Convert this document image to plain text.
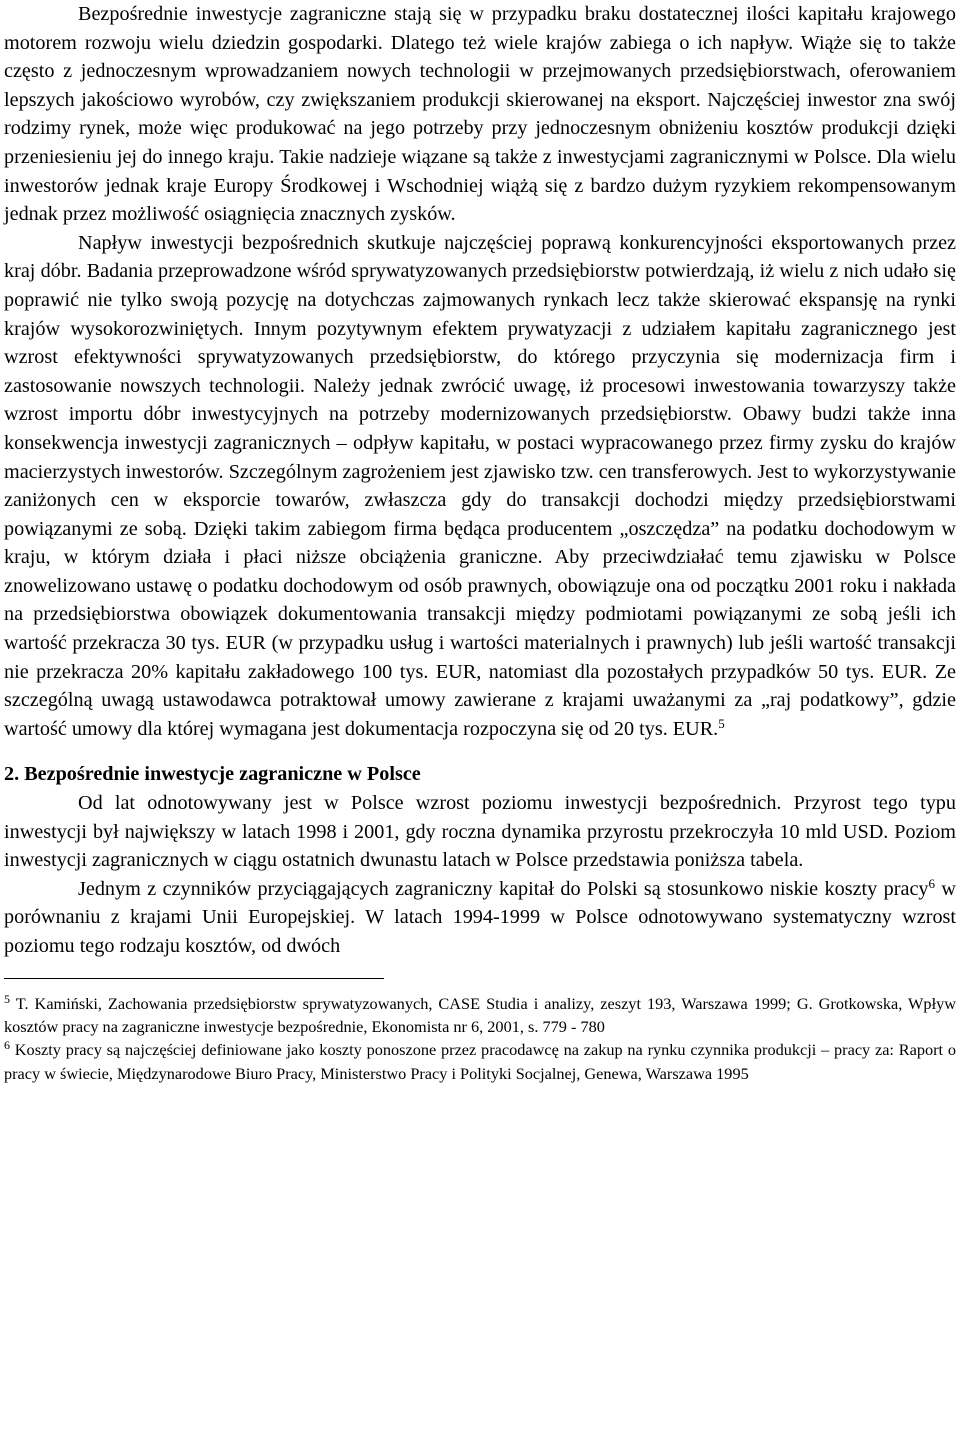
Bezpośrednie inwestycje zagraniczne stają się w przypadku braku dostatecznej ilości kapitału krajowego motorem rozwoju wielu dziedzin gospodarki. Dlatego też wiele krajów zabiega o ich napływ. Wiąże się to także często z jednoczesnym wprowadzaniem nowych technologii w przejmowanych przedsiębiorstwach, oferowaniem lepszych jakościowo wyrobów, czy zwiększaniem produkcji skierowanej na eksport. Najczęściej inwestor zna swój rodzimy rynek, może więc produkować na jego potrzeby przy jednoczesnym obniżeniu kosztów produkcji dzięki przeniesieniu jej do innego kraju. Takie nadzieje wiązane są także z inwestycjami zagranicznymi w Polsce. Dla wielu inwestorów jednak kraje Europy Środkowej i Wschodniej wiążą się z bardzo dużym ryzykiem rekompensowanym jednak przez możliwość osiągnięcia znacznych zysków.

Napływ inwestycji bezpośrednich skutkuje najczęściej poprawą konkurencyjności eksportowanych przez kraj dóbr. Badania przeprowadzone wśród sprywatyzowanych przedsiębiorstw potwierdzają, iż wielu z nich udało się poprawić nie tylko swoją pozycję na dotychczas zajmowanych rynkach lecz także skierować ekspansję na rynki krajów wysokorozwiniętych. Innym pozytywnym efektem prywatyzacji z udziałem kapitału zagranicznego jest wzrost efektywności sprywatyzowanych przedsiębiorstw, do którego przyczynia się modernizacja firm i zastosowanie nowszych technologii. Należy jednak zwrócić uwagę, iż procesowi inwestowania towarzyszy także wzrost importu dóbr inwestycyjnych na potrzeby modernizowanych przedsiębiorstw. Obawy budzi także inna konsekwencja inwestycji zagranicznych – odpływ kapitału, w postaci wypracowanego przez firmy zysku do krajów macierzystych inwestorów. Szczególnym zagrożeniem jest zjawisko tzw. cen transferowych. Jest to wykorzystywanie zaniżonych cen w eksporcie towarów, zwłaszcza gdy do transakcji dochodzi między przedsiębiorstwami powiązanymi ze sobą. Dzięki takim zabiegom firma będąca producentem „oszczędza” na podatku dochodowym w kraju, w którym działa i płaci niższe obciążenia graniczne. Aby przeciwdziałać temu zjawisku w Polsce znowelizowano ustawę o podatku dochodowym od osób prawnych, obowiązuje ona od początku 2001 roku i nakłada na przedsiębiorstwa obowiązek dokumentowania transakcji między podmiotami powiązanymi ze sobą jeśli ich wartość przekracza 30 tys. EUR (w przypadku usług i wartości materialnych i prawnych) lub jeśli wartość transakcji nie przekracza 20% kapitału zakładowego 100 tys. EUR, natomiast dla pozostałych przypadków 50 tys. EUR. Ze szczególną uwagą ustawodawca potraktował umowy zawierane z krajami uważanymi za „raj podatkowy”, gdzie wartość umowy dla której wymagana jest dokumentacja rozpoczyna się od 20 tys. EUR.$^5$

2. Bezpośrednie inwestycje zagraniczne w Polsce

Od lat odnotowywany jest w Polsce wzrost poziomu inwestycji bezpośrednich. Przyrost tego typu inwestycji był największy w latach 1998 i 2001, gdy roczna dynamika przyrostu przekroczyła 10 mld USD. Poziom inwestycji zagranicznych w ciągu ostatnich dwunastu latach w Polsce przedstawia poniższa tabela.

Jednym z czynników przyciągających zagraniczny kapitał do Polski są stosunkowo niskie koszty pracy$^6$ w porównaniu z krajami Unii Europejskiej. W latach 1994-1999 w Polsce odnotowywano systematyczny wzrost poziomu tego rodzaju kosztów, od dwóch

$^5$ T. Kamiński, Zachowania przedsiębiorstw sprywatyzowanych, CASE Studia i analizy, zeszyt 193, Warszawa 1999; G. Grotkowska, Wpływ kosztów pracy na zagraniczne inwestycje bezpośrednie, Ekonomista nr 6, 2001, s. 779 - 780

$^6$ Koszty pracy są najczęściej definiowane jako koszty ponoszone przez pracodawcę na zakup na rynku czynnika produkcji – pracy za: Raport o pracy w świecie, Międzynarodowe Biuro Pracy, Ministerstwo Pracy i Polityki Socjalnej, Genewa, Warszawa 1995
